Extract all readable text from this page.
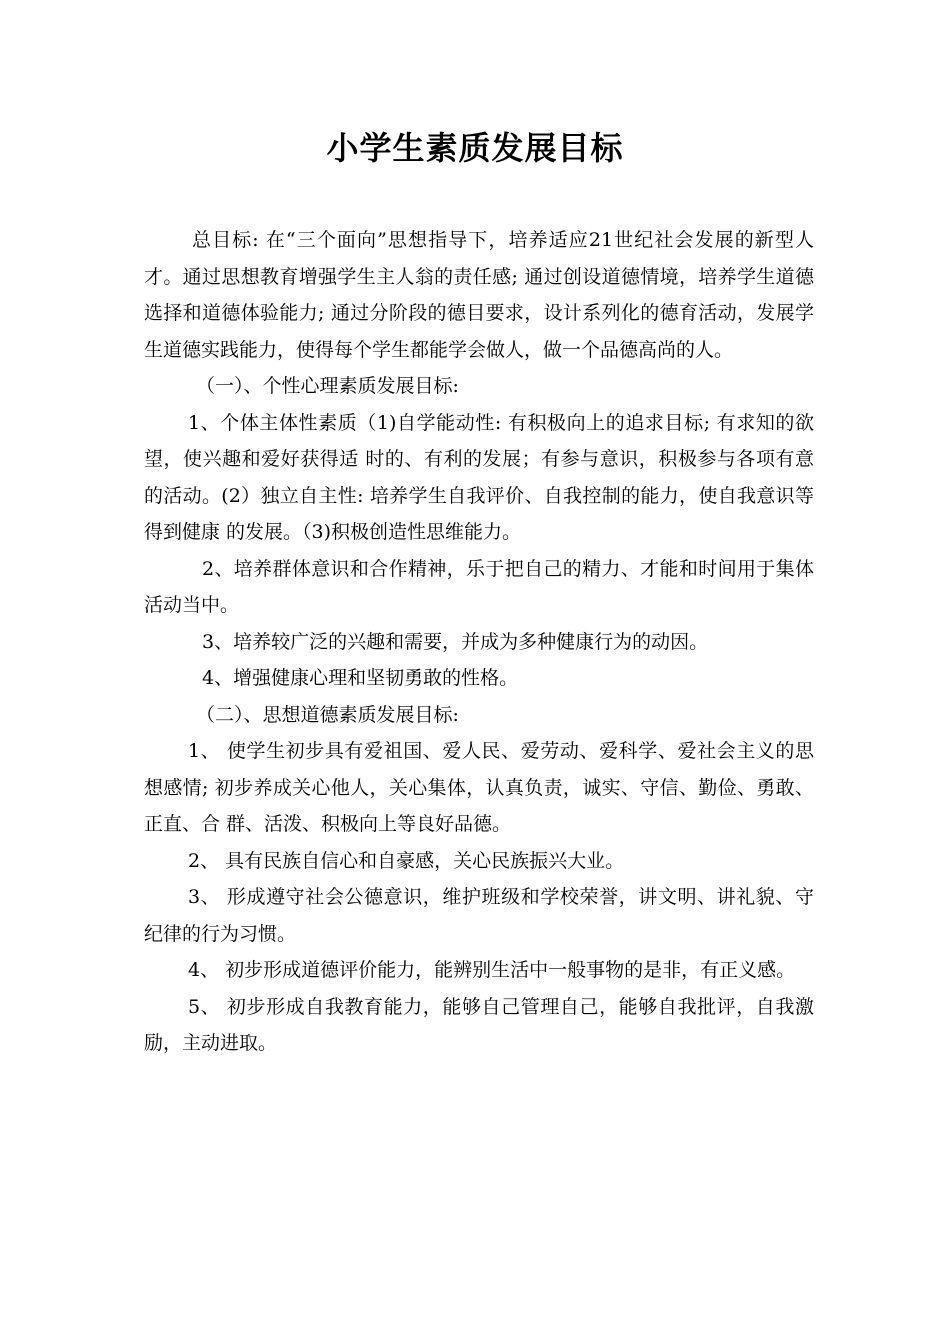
小学生素质发展目标

总目标: 在“三个面向”思想指导下，培养适应21世纪社会发展的新型人才。通过思想教育增强学生主人翁的责任感; 通过创设道德情境，培养学生道德选择和道德体验能力; 通过分阶段的德目要求，设计系列化的德育活动，发展学生道德实践能力，使得每个学生都能学会做人，做一个品德高尚的人。

（一）、个性心理素质发展目标:

1、个体主体性素质（1)自学能动性: 有积极向上的追求目标; 有求知的欲望，使兴趣和爱好获得适 时的、有利的发展；有参与意识，积极参与各项有意的活动。(2）独立自主性: 培养学生自我评价、自我控制的能力，使自我意识等得到健康 的发展。（3)积极创造性思维能力。

2、培养群体意识和合作精神，乐于把自己的精力、才能和时间用于集体活动当中。

3、培养较广泛的兴趣和需要，并成为多种健康行为的动因。

4、增强健康心理和坚韧勇敢的性格。

（二）、思想道德素质发展目标:

1、 使学生初步具有爱祖国、爱人民、爱劳动、爱科学、爱社会主义的思想感情; 初步养成关心他人，关心集体，认真负责，诚实、守信、勤俭、勇敢、正直、合 群、活泼、积极向上等良好品德。

2、 具有民族自信心和自豪感，关心民族振兴大业。

3、 形成遵守社会公德意识，维护班级和学校荣誉，讲文明、讲礼貌、守纪律的行为习惯。

4、 初步形成道德评价能力，能辨别生活中一般事物的是非，有正义感。

5、 初步形成自我教育能力，能够自己管理自己，能够自我批评，自我激励，主动进取。
